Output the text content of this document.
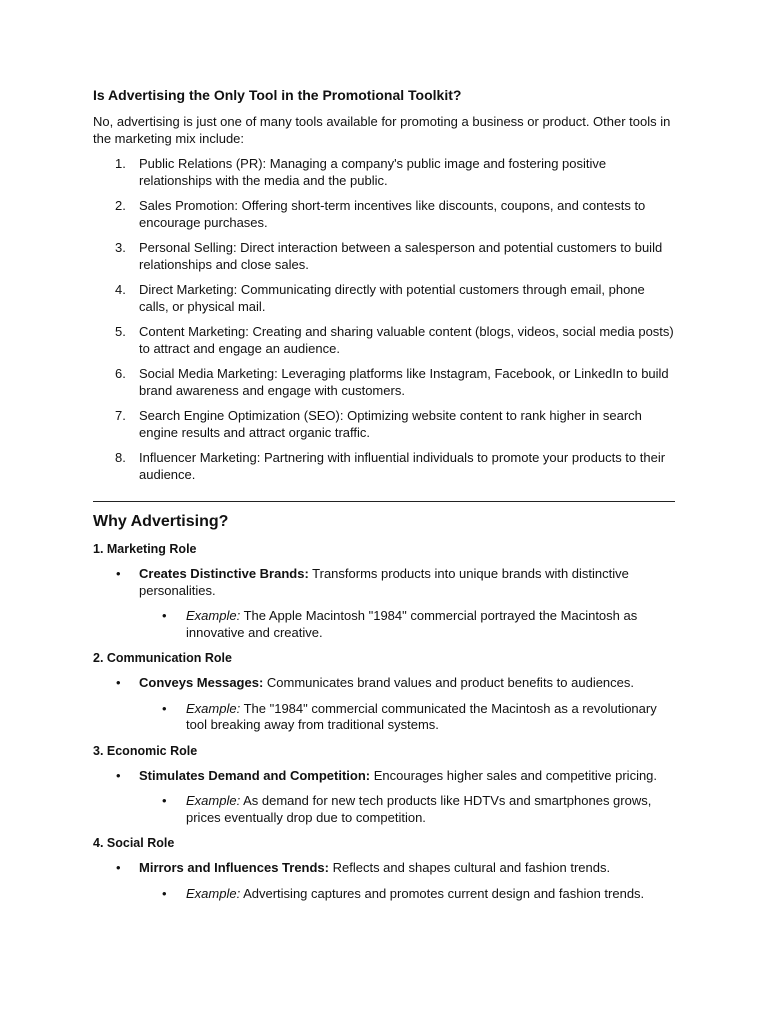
Is Advertising the Only Tool in the Promotional Toolkit?

No, advertising is just one of many tools available for promoting a business or product. Other tools in the marketing mix include:

1. Public Relations (PR): Managing a company's public image and fostering positive relationships with the media and the public.
2. Sales Promotion: Offering short-term incentives like discounts, coupons, and contests to encourage purchases.
3. Personal Selling: Direct interaction between a salesperson and potential customers to build relationships and close sales.
4. Direct Marketing: Communicating directly with potential customers through email, phone calls, or physical mail.
5. Content Marketing: Creating and sharing valuable content (blogs, videos, social media posts) to attract and engage an audience.
6. Social Media Marketing: Leveraging platforms like Instagram, Facebook, or LinkedIn to build brand awareness and engage with customers.
7. Search Engine Optimization (SEO): Optimizing website content to rank higher in search engine results and attract organic traffic.
8. Influencer Marketing: Partnering with influential individuals to promote your products to their audience.
Why Advertising?
1. Marketing Role
• Creates Distinctive Brands: Transforms products into unique brands with distinctive personalities.
• Example: The Apple Macintosh "1984" commercial portrayed the Macintosh as innovative and creative.
2. Communication Role
• Conveys Messages: Communicates brand values and product benefits to audiences.
• Example: The "1984" commercial communicated the Macintosh as a revolutionary tool breaking away from traditional systems.
3. Economic Role
• Stimulates Demand and Competition: Encourages higher sales and competitive pricing.
• Example: As demand for new tech products like HDTVs and smartphones grows, prices eventually drop due to competition.
4. Social Role
• Mirrors and Influences Trends: Reflects and shapes cultural and fashion trends.
• Example: Advertising captures and promotes current design and fashion trends.
